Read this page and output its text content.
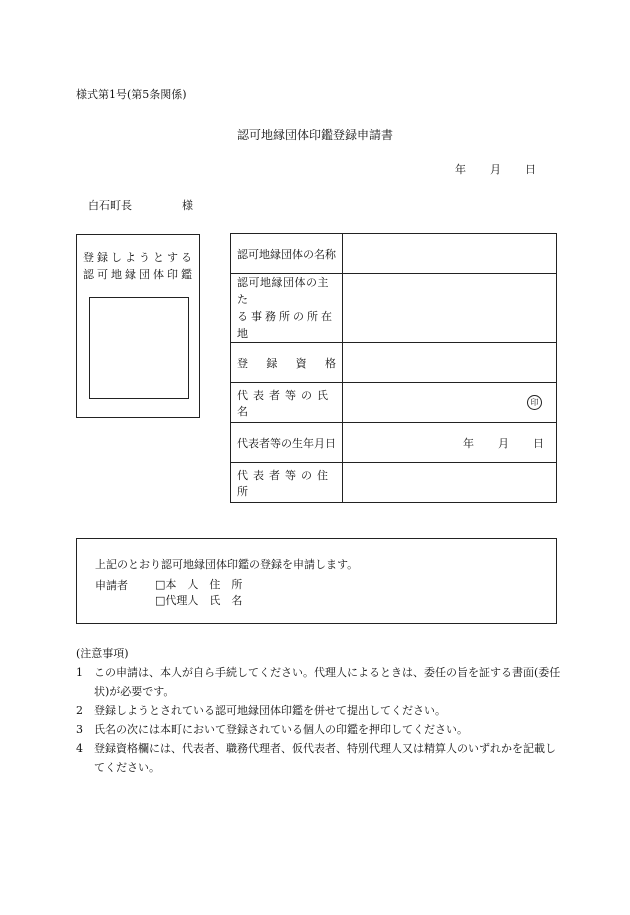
様式第1号(第5条関係)
認可地縁団体印鑑登録申請書
年 月 日
白石町長	様
登録しようとする
認可地縁団体印鑑
認可地縁団体の名称	

認可地縁団体の主た
る事務所の所在地	

登 録 資 格	

代表者等の氏名	印

代表者等の生年月日	年 月 日

代表者等の住所	
上記のとおり認可地縁団体印鑑の登録を申請します。
申請者 □本　人　住　所
□代理人　氏　名
(注意事項)
1	この申請は、本人が自ら手続してください。代理人によるときは、委任の旨を証する書面(委任状)が必要です。
2	登録しようとされている認可地縁団体印鑑を併せて提出してください。
3	氏名の次には本町において登録されている個人の印鑑を押印してください。
4	登録資格欄には、代表者、職務代理者、仮代表者、特別代理人又は精算人のいずれかを記載してください。
